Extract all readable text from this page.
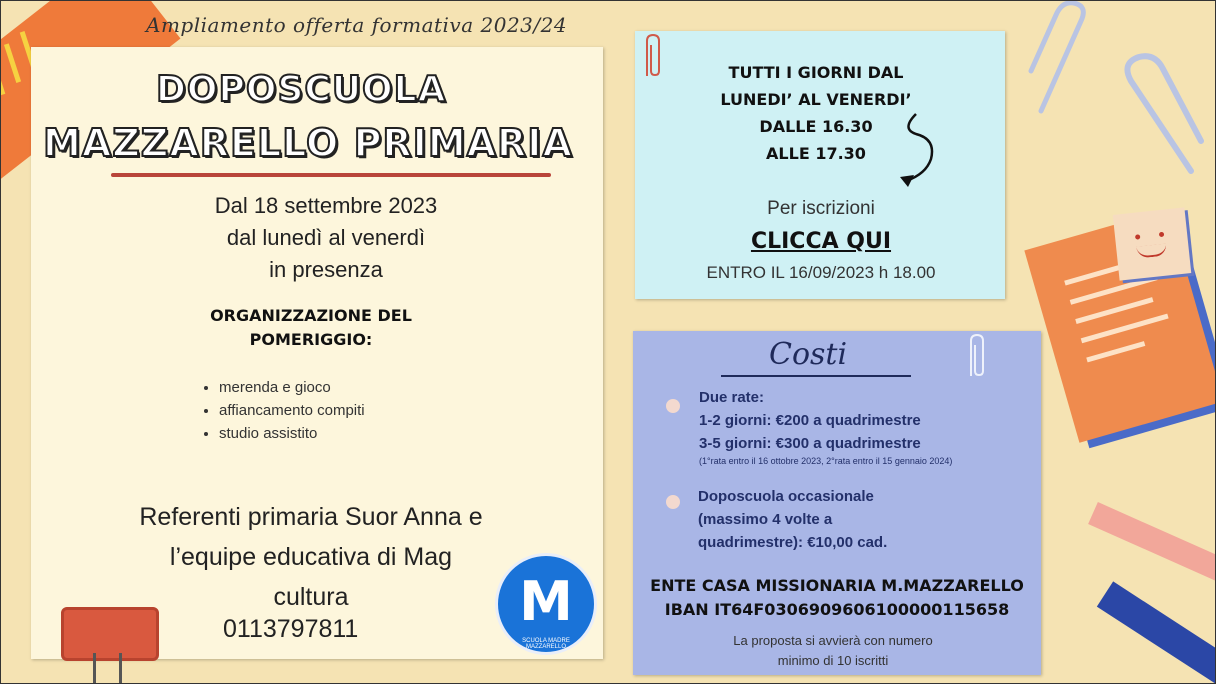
Ampliamento offerta formativa 2023/24
DOPOSCUOLA
MAZZARELLO PRIMARIA
Dal 18 settembre 2023
dal lunedì al venerdì
in presenza
ORGANIZZAZIONE DEL
POMERIGGIO:
• merenda e gioco
• affiancamento compiti
• studio assistito
Referenti primaria Suor Anna e
l’equipe educativa di Mag
cultura
0113797811	M
SCUOLA MADRE MAZZARELLO
TUTTI I GIORNI DAL
LUNEDI’ AL VENERDI’
DALLE 16.30
ALLE 17.30
Per iscrizioni
CLICCA QUI
ENTRO IL 16/09/2023 h 18.00
Costi
Due rate:
1-2 giorni: €200 a quadrimestre
3-5 giorni: €300 a quadrimestre
(1°rata entro il 16 ottobre 2023, 2°rata entro il 15 gennaio 2024)
Doposcuola occasionale
(massimo 4 volte a
quadrimestre): €10,00 cad.
ENTE CASA MISSIONARIA M.MAZZARELLO
IBAN IT64F0306909606100000115658
La proposta si avvierà con numero
minimo di 10 iscritti
